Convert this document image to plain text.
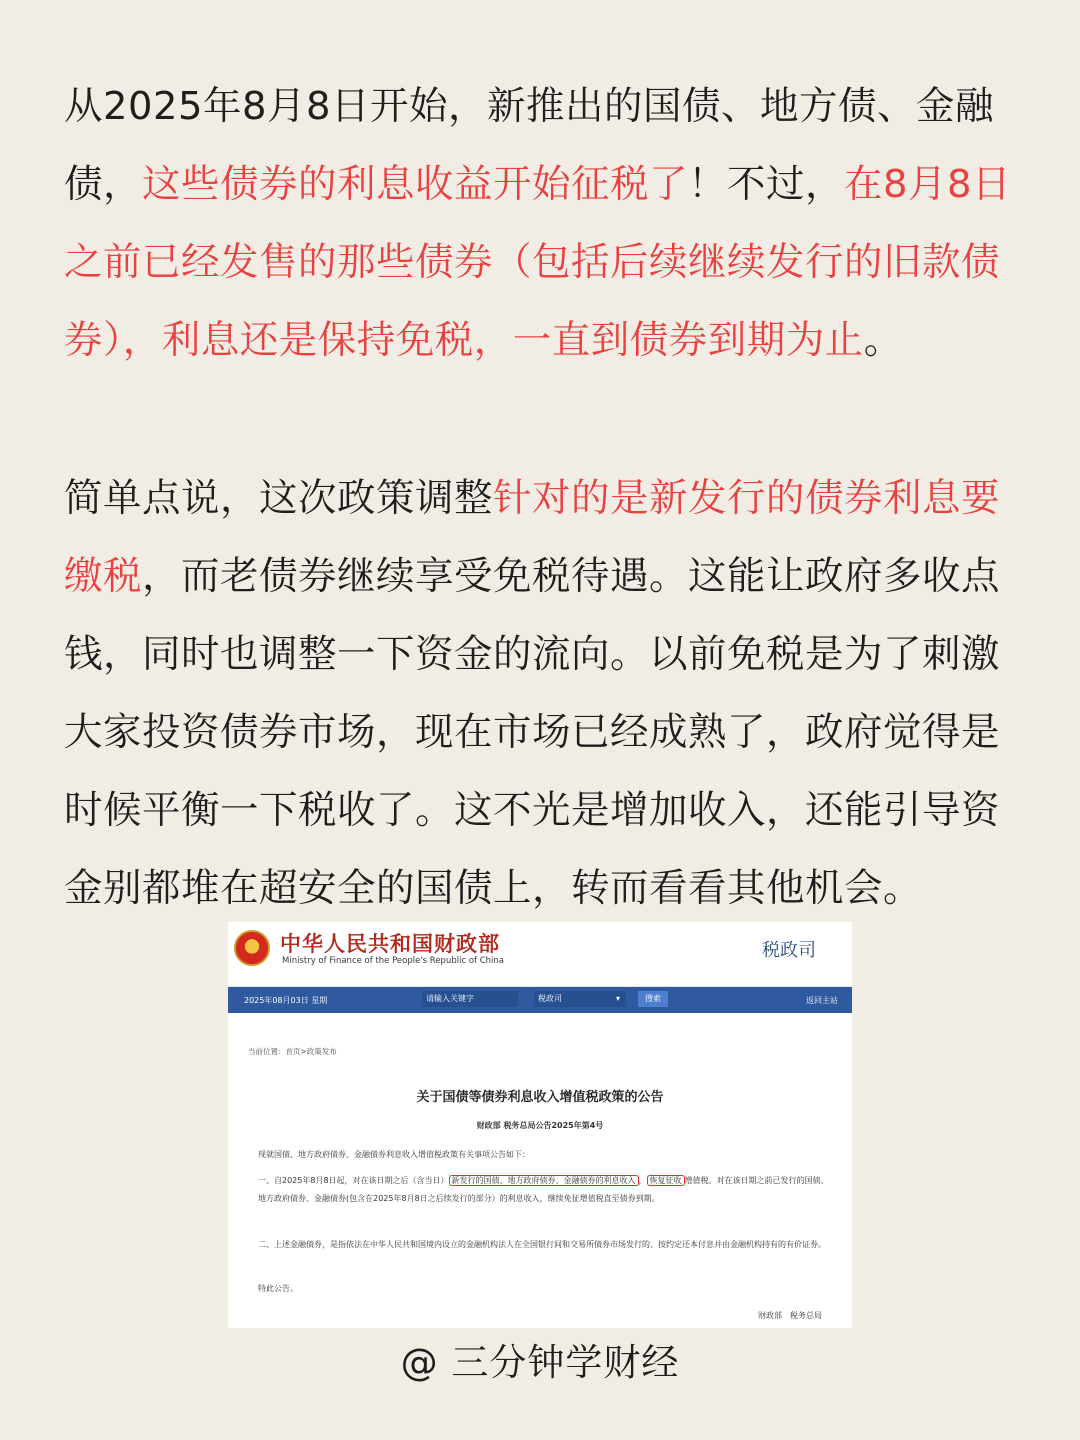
从2025年8月8日开始，新推出的国债、地方债、金融债，这些债券的利息收益开始征税了！不过，在8月8日之前已经发售的那些债券（包括后续继续发行的旧款债券），利息还是保持免税，一直到债券到期为止。

简单点说，这次政策调整针对的是新发行的债券利息要缴税，而老债券继续享受免税待遇。这能让政府多收点钱，同时也调整一下资金的流向。以前免税是为了刺激大家投资债券市场，现在市场已经成熟了，政府觉得是时候平衡一下税收了。这不光是增加收入，还能引导资金别都堆在超安全的国债上，转而看看其他机会。

中华人民共和国财政部
Ministry of Finance of the People's Republic of China	税政司
2025年08月03日 星期	请输入关键字	税政司	▾	搜索	返回主站
当前位置：首页>政策发布
关于国债等债券利息收入增值税政策的公告
财政部 税务总局公告2025年第4号

现就国债、地方政府债券、金融债券利息收入增值税政策有关事项公告如下：

一、自2025年8月8日起，对在该日期之后（含当日） 新发行的国债、地方政府债券、金融债券的利息收入 ， 恢复征收 增值税。对在该日期之前已发行的国债、地方政府债券、金融债券(包含在2025年8月8日之后续发行的部分）的利息收入，继续免征增值税直至债券到期。

二、上述金融债券，是指依法在中华人民共和国境内设立的金融机构法人在全国银行间和交易所债券市场发行的、按约定还本付息并由金融机构持有的有价证券。

特此公告。

财政部　税务总局
@ 三分钟学财经
